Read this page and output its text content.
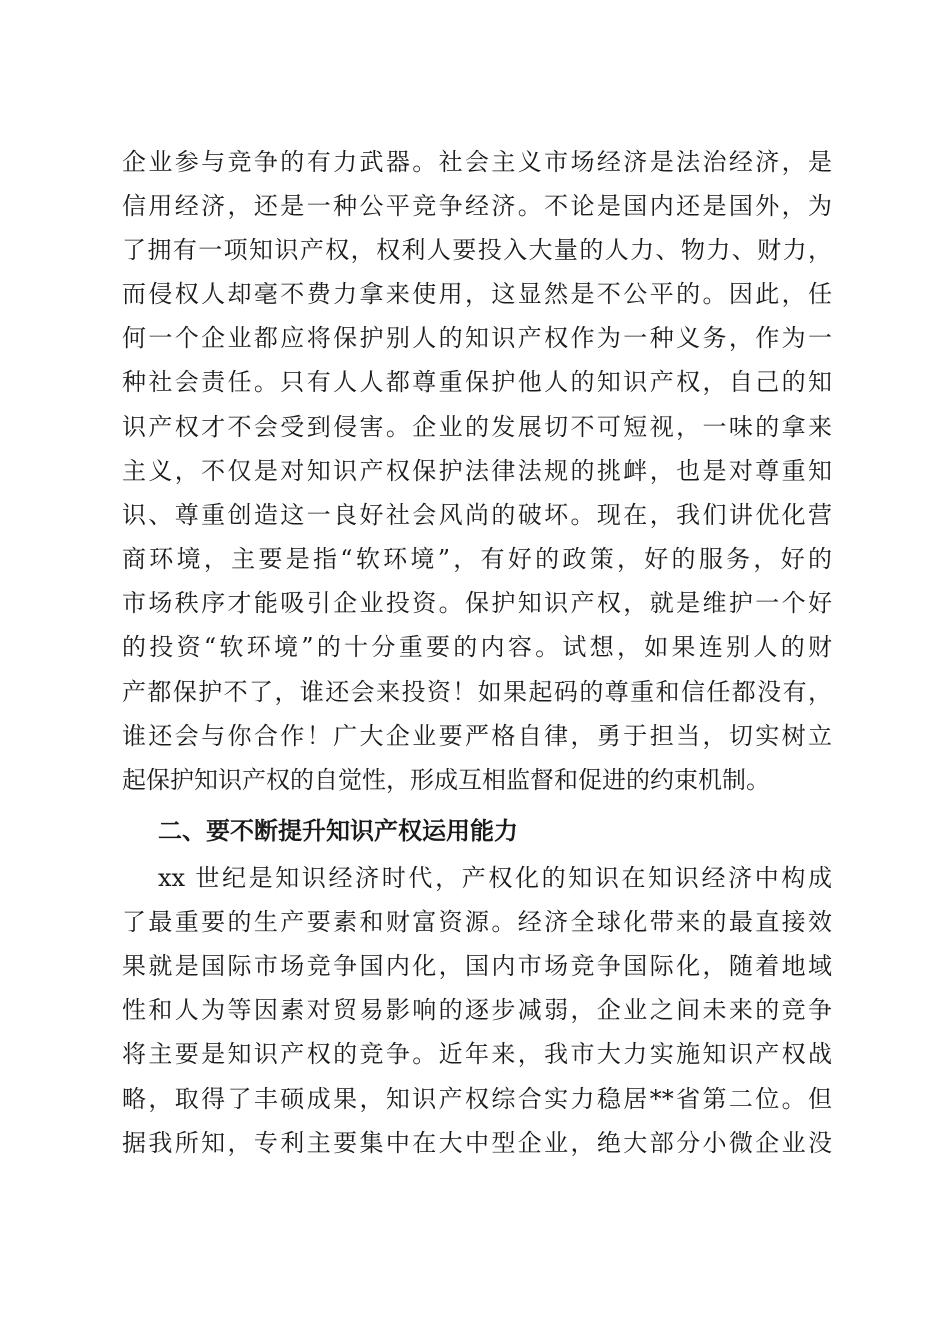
企业参与竞争的有力武器。社会主义市场经济是法治经济，是
信用经济，还是一种公平竞争经济。不论是国内还是国外，为
了拥有一项知识产权，权利人要投入大量的人力、物力、财力，
而侵权人却毫不费力拿来使用，这显然是不公平的。因此，任
何一个企业都应将保护别人的知识产权作为一种义务，作为一
种社会责任。只有人人都尊重保护他人的知识产权，自己的知
识产权才不会受到侵害。企业的发展切不可短视，一味的拿来
主义，不仅是对知识产权保护法律法规的挑衅，也是对尊重知
识、尊重创造这一良好社会风尚的破坏。现在，我们讲优化营
商环境，主要是指“软环境”，有好的政策，好的服务，好的
市场秩序才能吸引企业投资。保护知识产权，就是维护一个好
的投资“软环境”的十分重要的内容。试想，如果连别人的财
产都保护不了，谁还会来投资！如果起码的尊重和信任都没有，
谁还会与你合作！广大企业要严格自律，勇于担当，切实树立
起保护知识产权的自觉性，形成互相监督和促进的约束机制。
二、要不断提升知识产权运用能力
xx 世纪是知识经济时代，产权化的知识在知识经济中构成
了最重要的生产要素和财富资源。经济全球化带来的最直接效
果就是国际市场竞争国内化，国内市场竞争国际化，随着地域
性和人为等因素对贸易影响的逐步减弱，企业之间未来的竞争
将主要是知识产权的竞争。近年来，我市大力实施知识产权战
略，取得了丰硕成果，知识产权综合实力稳居**省第二位。但
据我所知，专利主要集中在大中型企业，绝大部分小微企业没
